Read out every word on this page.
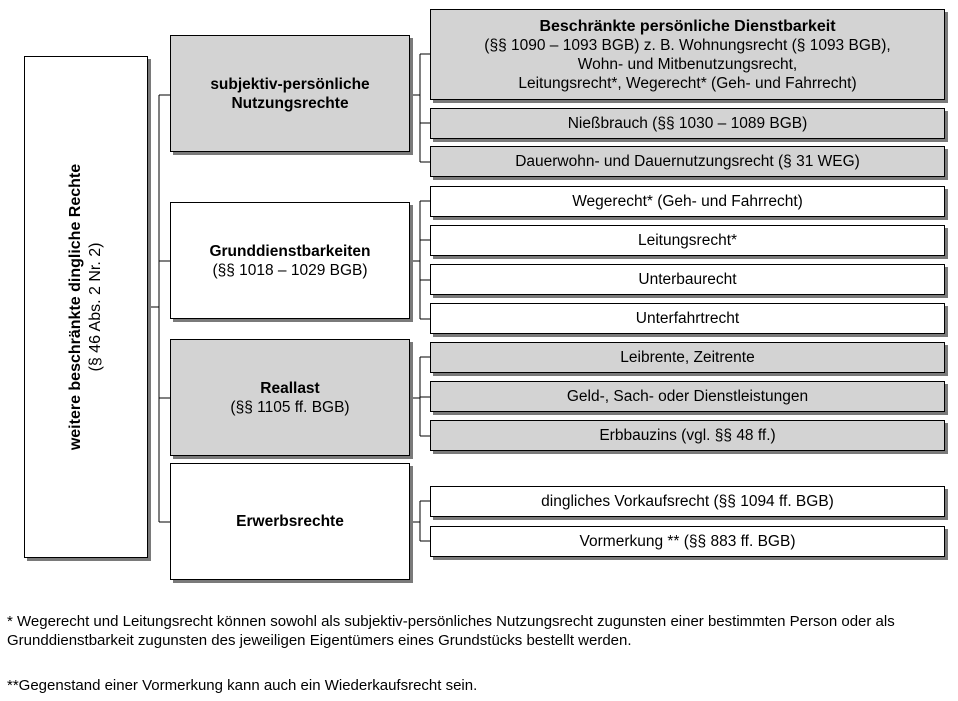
weitere beschränkte dingliche Rechte (§ 46 Abs. 2 Nr. 2)
subjektiv-persönliche Nutzungsrechte
Grunddienstbarkeiten
(§§ 1018 – 1029 BGB)
Reallast
(§§ 1105 ff. BGB)
Erwerbsrechte
Beschränkte persönliche Dienstbarkeit
(§§ 1090 – 1093 BGB) z. B. Wohnungsrecht (§ 1093 BGB),
Wohn- und Mitbenutzungsrecht,
Leitungsrecht*, Wegerecht* (Geh- und Fahrrecht)
Nießbrauch (§§ 1030 – 1089 BGB)
Dauerwohn- und Dauernutzungsrecht (§ 31 WEG)
Wegerecht* (Geh- und Fahrrecht)
Leitungsrecht*
Unterbaurecht
Unterfahrtrecht
Leibrente, Zeitrente
Geld-, Sach- oder Dienstleistungen
Erbbauzins (vgl. §§ 48 ff.)
dingliches Vorkaufsrecht (§§ 1094 ff. BGB)
Vormerkung ** (§§ 883 ff. BGB)
* Wegerecht und Leitungsrecht können sowohl als subjektiv-persönliches Nutzungsrecht zugunsten einer bestimmten Person oder als Grunddienstbarkeit zugunsten des jeweiligen Eigentümers eines Grundstücks bestellt werden.
**Gegenstand einer Vormerkung kann auch ein Wiederkaufsrecht sein.
